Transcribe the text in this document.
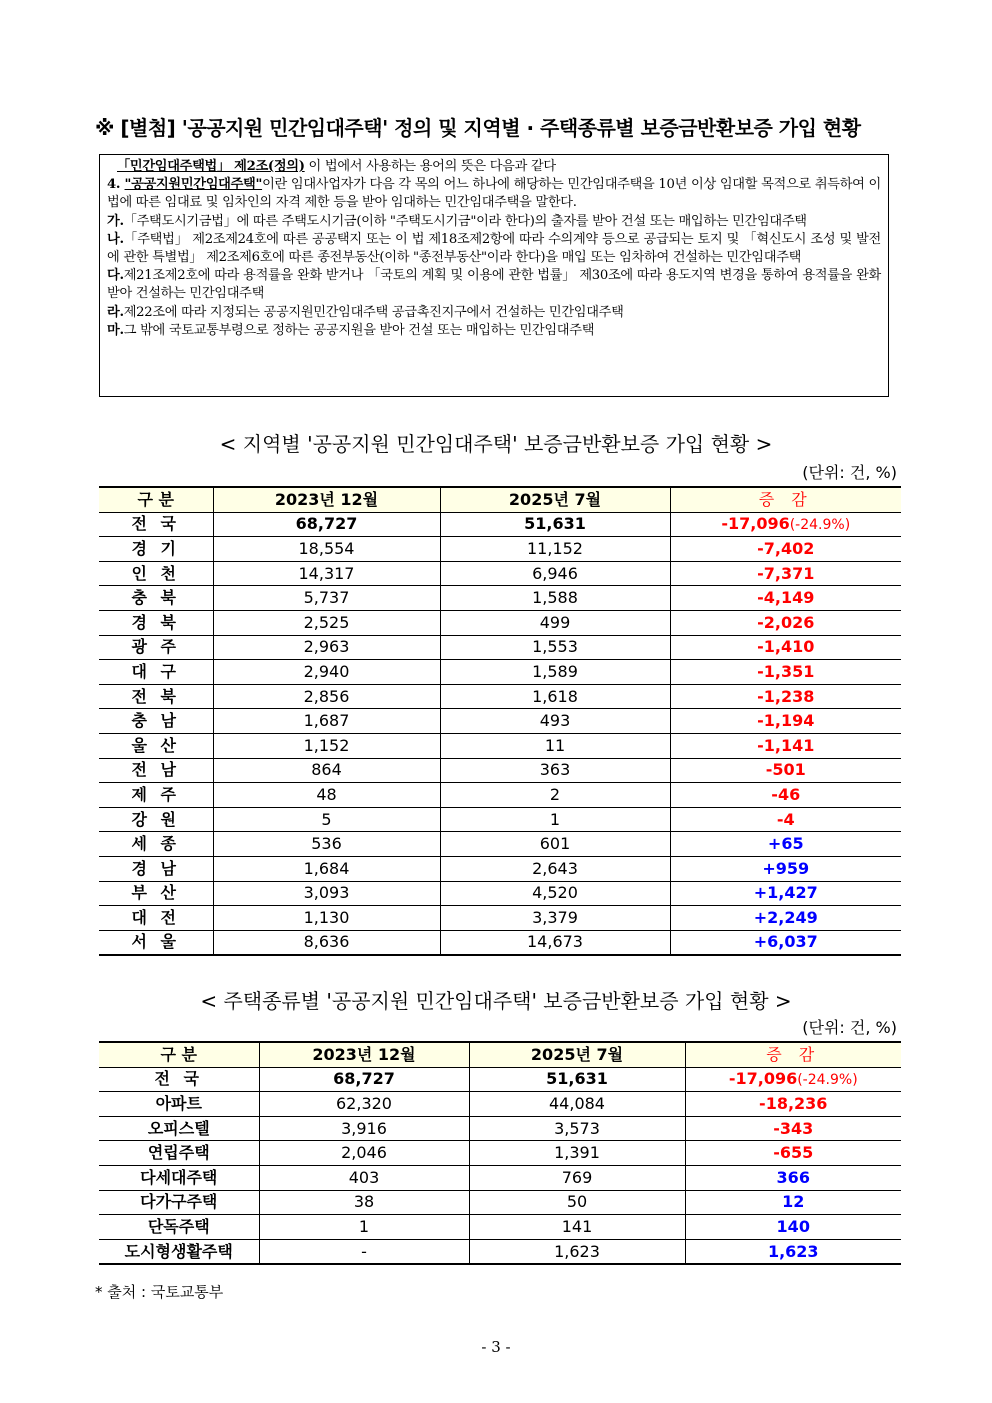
※ [별첨] '공공지원 민간임대주택' 정의 및 지역별 · 주택종류별 보증금반환보증 가입 현황

「민간임대주택법」 제2조(정의) 이 법에서 사용하는 용어의 뜻은 다음과 같다

4. "공공지원민간임대주택"이란 임대사업자가 다음 각 목의 어느 하나에 해당하는 민간임대주택을 10년 이상 임대할 목적으로 취득하여 이 법에 따른 임대료 및 임차인의 자격 제한 등을 받아 임대하는 민간임대주택을 말한다.

가.「주택도시기금법」에 따른 주택도시기금(이하 "주택도시기금"이라 한다)의 출자를 받아 건설 또는 매입하는 민간임대주택

나.「주택법」 제2조제24호에 따른 공공택지 또는 이 법 제18조제2항에 따라 수의계약 등으로 공급되는 토지 및 「혁신도시 조성 및 발전에 관한 특별법」 제2조제6호에 따른 종전부동산(이하 "종전부동산"이라 한다)을 매입 또는 임차하여 건설하는 민간임대주택

다.제21조제2호에 따라 용적률을 완화 받거나 「국토의 계획 및 이용에 관한 법률」 제30조에 따라 용도지역 변경을 통하여 용적률을 완화 받아 건설하는 민간임대주택

라.제22조에 따라 지정되는 공공지원민간임대주택 공급촉진지구에서 건설하는 민간임대주택

마.그 밖에 국토교통부령으로 정하는 공공지원을 받아 건설 또는 매입하는 민간임대주택

< 지역별 '공공지원 민간임대주택' 보증금반환보증 가입 현황 >
(단위: 건, %)
구 분	2023년 12월	2025년 7월	증 감
전 국	68,727	51,631	-17,096(-24.9%)
경 기	18,554	11,152	-7,402
인 천	14,317	6,946	-7,371
충 북	5,737	1,588	-4,149
경 북	2,525	499	-2,026
광 주	2,963	1,553	-1,410
대 구	2,940	1,589	-1,351
전 북	2,856	1,618	-1,238
충 남	1,687	493	-1,194
울 산	1,152	11	-1,141
전 남	864	363	-501
제 주	48	2	-46
강 원	5	1	-4
세 종	536	601	+65
경 남	1,684	2,643	+959
부 산	3,093	4,520	+1,427
대 전	1,130	3,379	+2,249
서 울	8,636	14,673	+6,037
< 주택종류별 '공공지원 민간임대주택' 보증금반환보증 가입 현황 >
(단위: 건, %)
구 분	2023년 12월	2025년 7월	증 감
전 국	68,727	51,631	-17,096(-24.9%)
아파트	62,320	44,084	-18,236
오피스텔	3,916	3,573	-343
연립주택	2,046	1,391	-655
다세대주택	403	769	366
다가구주택	38	50	12
단독주택	1	141	140
도시형생활주택	-	1,623	1,623
* 출처 : 국토교통부
- 3 -
